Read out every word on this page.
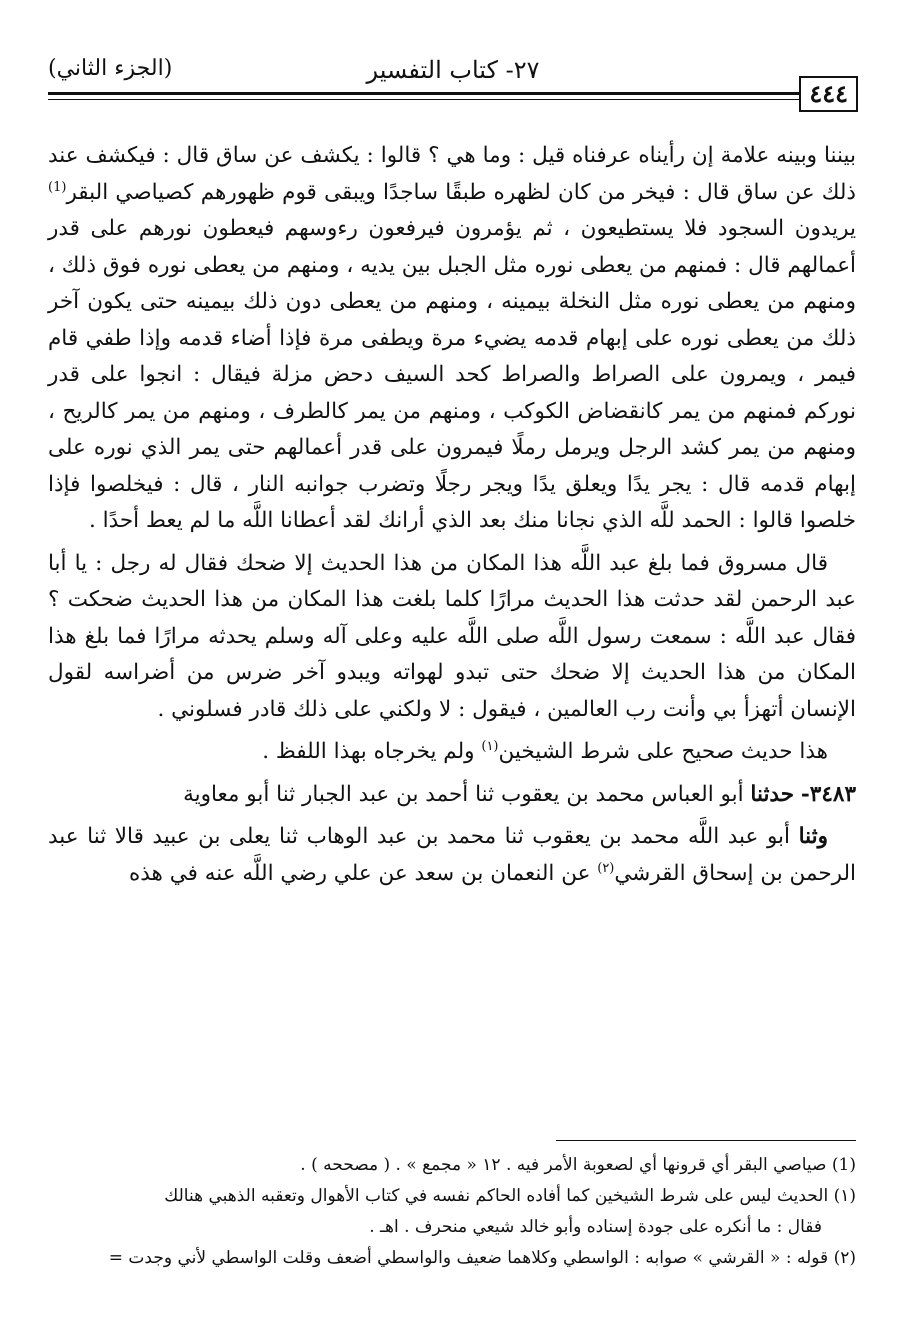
٤٤٤
٢٧- كتاب التفسير
(الجزء الثاني)

بيننا وبينه علامة إن رأيناه عرفناه قيل : وما هي ؟ قالوا : يكشف عن ساق قال : فيكشف عند ذلك عن ساق قال : فيخر من كان لظهره طبقًا ساجدًا ويبقى قوم ظهورهم كصياصي البقر$^{(1)}$ يريدون السجود فلا يستطيعون ، ثم يؤمرون فيرفعون رءوسهم فيعطون نورهم على قدر أعمالهم قال : فمنهم من يعطى نوره مثل الجبل بين يديه ، ومنهم من يعطى نوره فوق ذلك ، ومنهم من يعطى نوره مثل النخلة بيمينه ، ومنهم من يعطى دون ذلك بيمينه حتى يكون آخر ذلك من يعطى نوره على إبهام قدمه يضيء مرة ويطفى مرة فإذا أضاء قدمه وإذا طفي قام فيمر ، ويمرون على الصراط والصراط كحد السيف دحض مزلة فيقال : انجوا على قدر نوركم فمنهم من يمر كانقضاض الكوكب ، ومنهم من يمر كالطرف ، ومنهم من يمر كالريح ، ومنهم من يمر كشد الرجل ويرمل رملًا فيمرون على قدر أعمالهم حتى يمر الذي نوره على إبهام قدمه قال : يجر يدًا ويعلق يدًا ويجر رجلًا وتضرب جوانبه النار ، قال : فيخلصوا فإذا خلصوا قالوا : الحمد للَّه الذي نجانا منك بعد الذي أرانك لقد أعطانا اللَّه ما لم يعط أحدًا .

قال مسروق فما بلغ عبد اللَّه هذا المكان من هذا الحديث إلا ضحك فقال له رجل : يا أبا عبد الرحمن لقد حدثت هذا الحديث مرارًا كلما بلغت هذا المكان من هذا الحديث ضحكت ؟ فقال عبد اللَّه : سمعت رسول اللَّه صلى اللَّه عليه وعلى آله وسلم يحدثه مرارًا فما بلغ هذا المكان من هذا الحديث إلا ضحك حتى تبدو لهواته ويبدو آخر ضرس من أضراسه لقول الإنسان أتهزأ بي وأنت رب العالمين ، فيقول : لا ولكني على ذلك قادر فسلوني .

هذا حديث صحيح على شرط الشيخين$^{(١)}$ ولم يخرجاه بهذا اللفظ .

٣٤٨٣- حدثنا أبو العباس محمد بن يعقوب ثنا أحمد بن عبد الجبار ثنا أبو معاوية

وثنا أبو عبد اللَّه محمد بن يعقوب ثنا محمد بن عبد الوهاب ثنا يعلى بن عبيد قالا ثنا عبد الرحمن بن إسحاق القرشي$^{(٢)}$ عن النعمان بن سعد عن علي رضي اللَّه عنه في هذه

(1) صياصي البقر أي قرونها أي لصعوبة الأمر فيه . ١٢ « مجمع » . ( مصححه ) .

(١) الحديث ليس على شرط الشيخين كما أفاده الحاكم نفسه في كتاب الأهوال وتعقبه الذهبي هنالك

فقال : ما أنكره على جودة إسناده وأبو خالد شيعي منحرف . اهـ .

(٢) قوله : « القرشي » صوابه : الواسطي وكلاهما ضعيف والواسطي أضعف وقلت الواسطي لأني وجدت =
